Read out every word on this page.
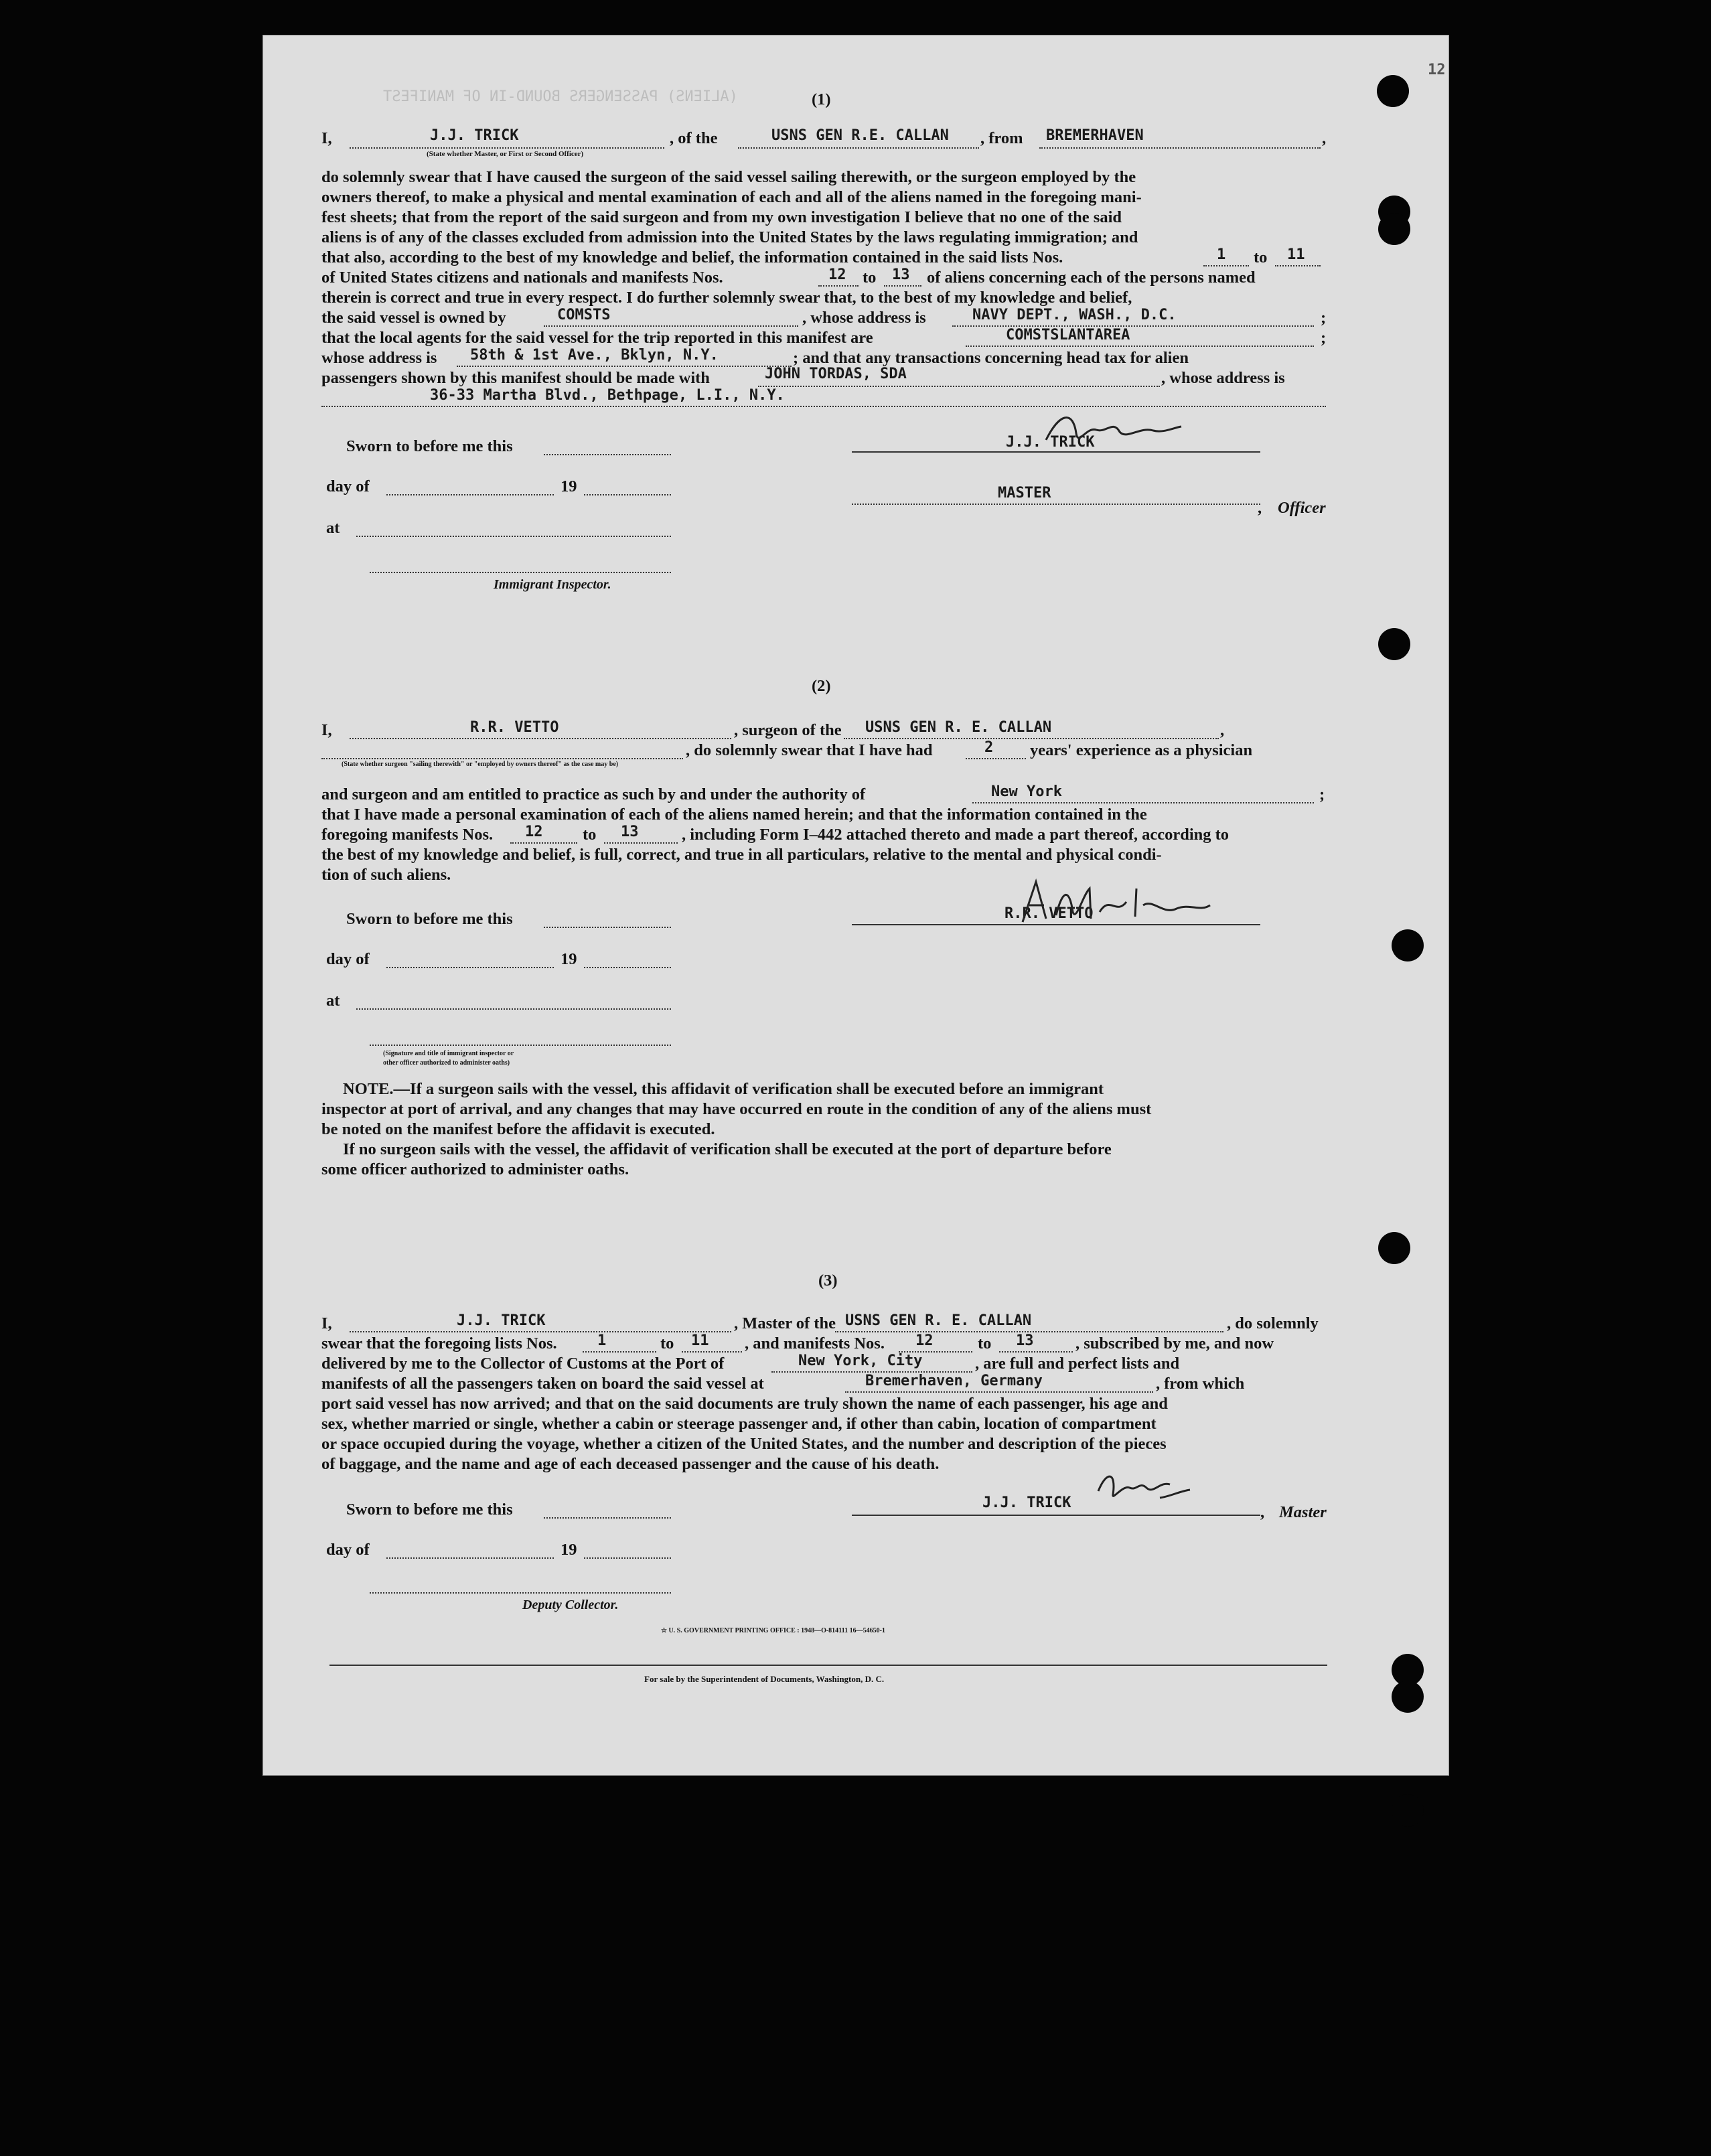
12
(ALIENS) PASSENGERS BOUND-IN OF MANIFEST	(1)
I,	J.J. TRICK	, of the	USNS GEN R.E. CALLAN , from BREMERHAVEN	,
(State whether Master, or First or Second Officer)
do solemnly swear that I have caused the surgeon of the said vessel sailing therewith, or the surgeon employed by the
owners thereof, to make a physical and mental examination of each and all of the aliens named in the foregoing mani-
fest sheets; that from the report of the said surgeon and from my own investigation I believe that no one of the said
aliens is of any of the classes excluded from admission into the United States by the laws regulating immigration; and
that also, according to the best of my knowledge and belief, the information contained in the said lists Nos.	1 to 11
of United States citizens and nationals and manifests Nos.	12 to 13 of aliens concerning each of the persons named
therein is correct and true in every respect. I do further solemnly swear that, to the best of my knowledge and belief,
the said vessel is owned by	COMSTS	, whose address is	NAVY DEPT., WASH., D.C.	;
that the local agents for the said vessel for the trip reported in this manifest are	COMSTSLANTAREA	;
whose address is 58th & 1st Ave., Bklyn, N.Y.	; and that any transactions concerning head tax for alien
passengers shown by this manifest should be made with	JOHN TORDAS, SDA	, whose address is
36-33 Martha Blvd., Bethpage, L.I., N.Y.
Sworn to before me this	J.J. TRICK
day of	19	MASTER
Officer
,
at
Immigrant Inspector.
(2)
I,	R.R. VETTO	, surgeon of the USNS GEN R. E. CALLAN	,
, do solemnly swear that I have had	2 years' experience as a physician
(State whether surgeon "sailing therewith" or "employed by owners thereof" as the case may be)
and surgeon and am entitled to practice as such by and under the authority of	New York	;
that I have made a personal examination of each of the aliens named herein; and that the information contained in the
foregoing manifests Nos. 12 to 13	, including Form I–442 attached thereto and made a part thereof, according to
the best of my knowledge and belief, is full, correct, and true in all particulars, relative to the mental and physical condi-
tion of such aliens.
Sworn to before me this	R.R. VETTO
day of	19
at
(Signature and title of immigrant inspector or
other officer authorized to administer oaths)
NOTE.—If a surgeon sails with the vessel, this affidavit of verification shall be executed before an immigrant
inspector at port of arrival, and any changes that may have occurred en route in the condition of any of the aliens must
be noted on the manifest before the affidavit is executed.
If no surgeon sails with the vessel, the affidavit of verification shall be executed at the port of departure before
some officer authorized to administer oaths.
(3)
I,	J.J. TRICK	, Master of the USNS GEN R. E. CALLAN	, do solemnly
swear that the foregoing lists Nos.	1	to 11 , and manifests Nos. 12	to 13	, subscribed by me, and now
delivered by me to the Collector of Customs at the Port of	New York, City	, are full and perfect lists and
manifests of all the passengers taken on board the said vessel at	Bremerhaven, Germany	, from which
port said vessel has now arrived; and that on the said documents are truly shown the name of each passenger, his age and
sex, whether married or single, whether a cabin or steerage passenger and, if other than cabin, location of compartment
or space occupied during the voyage, whether a citizen of the United States, and the number and description of the pieces
of baggage, and the name and age of each deceased passenger and the cause of his death.
Sworn to before me this	J.J. TRICK
Master
,
day of	19
Deputy Collector.
☆ U. S. GOVERNMENT PRINTING OFFICE : 1948—O-814111 16—54650-1
For sale by the Superintendent of Documents, Washington, D. C.
